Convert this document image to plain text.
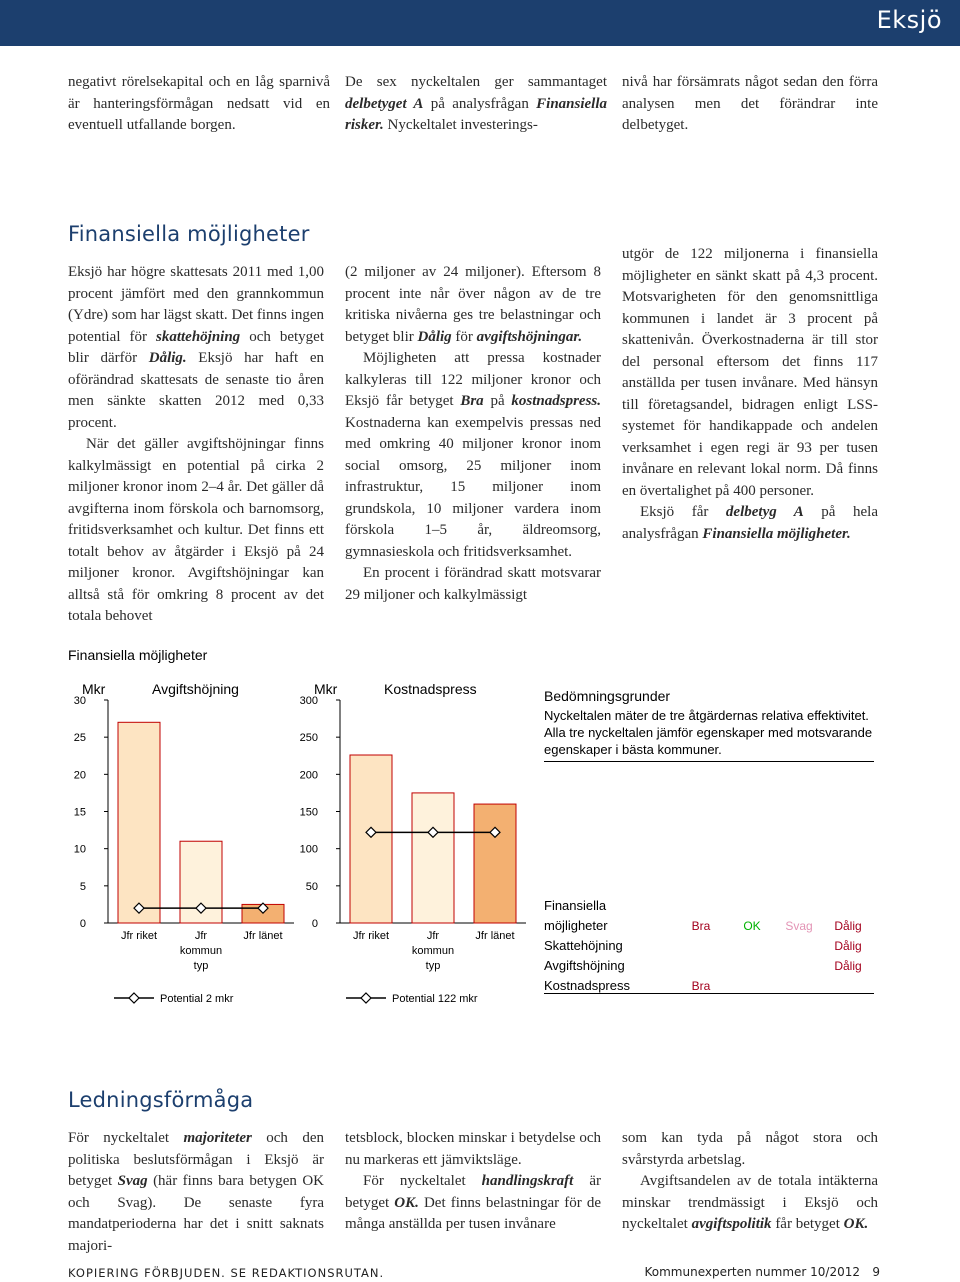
Eksjö

negativt rörelsekapital och en låg sparnivå är hanteringsförmågan nedsatt vid en eventuell utfallande borgen.

De sex nyckeltalen ger sammantaget delbetyget A på analysfrågan Finansiella risker. Nyckeltalet investerings-

nivå har försämrats något sedan den förra analysen men det förändrar inte delbetyget.

Finansiella möjligheter

Eksjö har högre skattesats 2011 med 1,00 procent jämfört med den grannkommun (Ydre) som har lägst skatt. Det finns ingen potential för skattehöjning och betyget blir därför Dålig. Eksjö har haft en oförändrad skattesats de senaste tio åren men sänkte skatten 2012 med 0,33 procent.

När det gäller avgiftshöjningar finns kalkylmässigt en potential på cirka 2 miljoner kronor inom 2–4 år. Det gäller då avgifterna inom förskola och barnomsorg, fritidsverksamhet och kultur. Det finns ett totalt behov av åtgärder i Eksjö på 24 miljoner kronor. Avgiftshöjningar kan alltså stå för omkring 8 procent av det totala behovet

(2 miljoner av 24 miljoner). Eftersom 8 procent inte når över någon av de tre kritiska nivåerna ges tre belastningar och betyget blir Dålig för avgiftshöjningar.

Möjligheten att pressa kostnader kalkyleras till 122 miljoner kronor och Eksjö får betyget Bra på kostnadspress. Kostnaderna kan exempelvis pressas ned med omkring 40 miljoner kronor inom social omsorg, 25 miljoner inom infrastruktur, 15 miljoner inom grundskola, 10 miljoner vardera inom förskola 1–5 år, äldreomsorg, gymnasieskola och fritidsverksamhet.

En procent i förändrad skatt motsvarar 29 miljoner och kalkylmässigt

utgör de 122 miljonerna i finansiella möjligheter en sänkt skatt på 4,3 procent. Motsvarigheten för den genomsnittliga kommunen i landet är 3 procent på skattenivån. Överkostnaderna är till stor del personal eftersom det finns 117 anställda per tusen invånare. Med hänsyn till företagsandel, bidragen enligt LSS-systemet för handikappade och andelen verksamhet i egen regi är 93 per tusen invånare en relevant lokal norm. Då finns en övertalighet på 400 personer.

Eksjö får delbetyg A på hela analysfrågan Finansiella möjligheter.

Finansiella möjligheter
0
5
10
15
20
25
30
Mkr	Avgiftshöjning
Jfr riket	Jfr
kommun
typ
Jfr länet
Potential 2 mkr
0
50
100
150
200
250
300
Mkr	Kostnadspress
Jfr riket	Jfr
kommun
typ
Jfr länet
Potential 122 mkr
Bedömningsgrunder
Nyckeltalen mäter de tre åtgärdernas relativa effektivitet. Alla tre nyckeltalen jämför egenskaper med motsvarande egenskaper i bästa kommuner.
Finansiella				
möjligheter	Bra	OK	Svag	Dålig
Skattehöjning				Dålig
Avgiftshöjning				Dålig
Kostnadspress	Bra			
Ledningsförmåga

För nyckeltalet majoriteter och den politiska beslutsförmågan i Eksjö är betyget Svag (här finns bara betygen OK och Svag). De senaste fyra mandatperioderna har det i snitt saknats majori-

tetsblock, blocken minskar i betydelse och nu markeras ett jämviktsläge.

För nyckeltalet handlingskraft är betyget OK. Det finns belastningar för de många anställda per tusen invånare

som kan tyda på något stora och svårstyrda arbetslag.

Avgiftsandelen av de totala intäkterna minskar trendmässigt i Eksjö och nyckeltalet avgiftspolitik får betyget OK.

KOPIERING FÖRBJUDEN. SE REDAKTIONSRUTAN.	Kommunexperten nummer 10/2012 9
